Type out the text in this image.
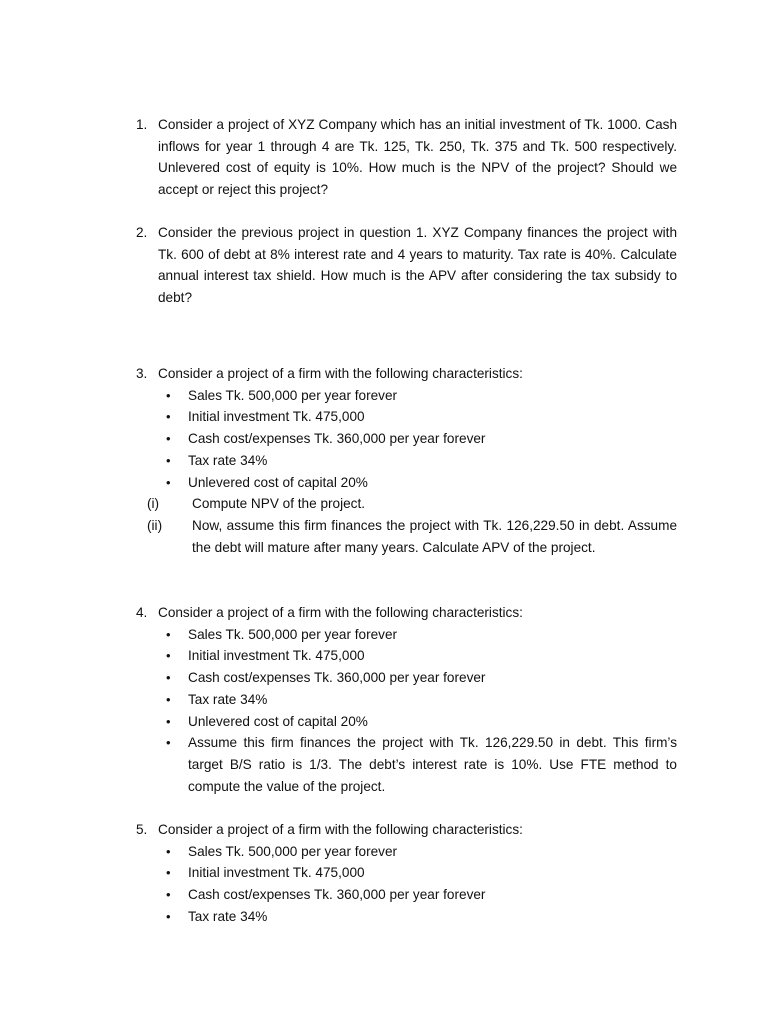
1. Consider a project of XYZ Company which has an initial investment of Tk. 1000. Cash inflows for year 1 through 4 are Tk. 125, Tk. 250, Tk. 375 and Tk. 500 respectively. Unlevered cost of equity is 10%. How much is the NPV of the project? Should we accept or reject this project?
2. Consider the previous project in question 1. XYZ Company finances the project with Tk. 600 of debt at 8% interest rate and 4 years to maturity. Tax rate is 40%. Calculate annual interest tax shield. How much is the APV after considering the tax subsidy to debt?
3. Consider a project of a firm with the following characteristics:
•	Sales Tk. 500,000 per year forever
•	Initial investment Tk. 475,000
•	Cash cost/expenses Tk. 360,000 per year forever
•	Tax rate 34%
•	Unlevered cost of capital 20%
(i)	Compute NPV of the project.
(ii)	Now, assume this firm finances the project with Tk. 126,229.50 in debt. Assume the debt will mature after many years. Calculate APV of the project.
4. Consider a project of a firm with the following characteristics:
•	Sales Tk. 500,000 per year forever
•	Initial investment Tk. 475,000
•	Cash cost/expenses Tk. 360,000 per year forever
•	Tax rate 34%
•	Unlevered cost of capital 20%
•	Assume this firm finances the project with Tk. 126,229.50 in debt. This firm’s target B/S ratio is 1/3. The debt’s interest rate is 10%. Use FTE method to compute the value of the project.
5. Consider a project of a firm with the following characteristics:
•	Sales Tk. 500,000 per year forever
•	Initial investment Tk. 475,000
•	Cash cost/expenses Tk. 360,000 per year forever
•	Tax rate 34%
